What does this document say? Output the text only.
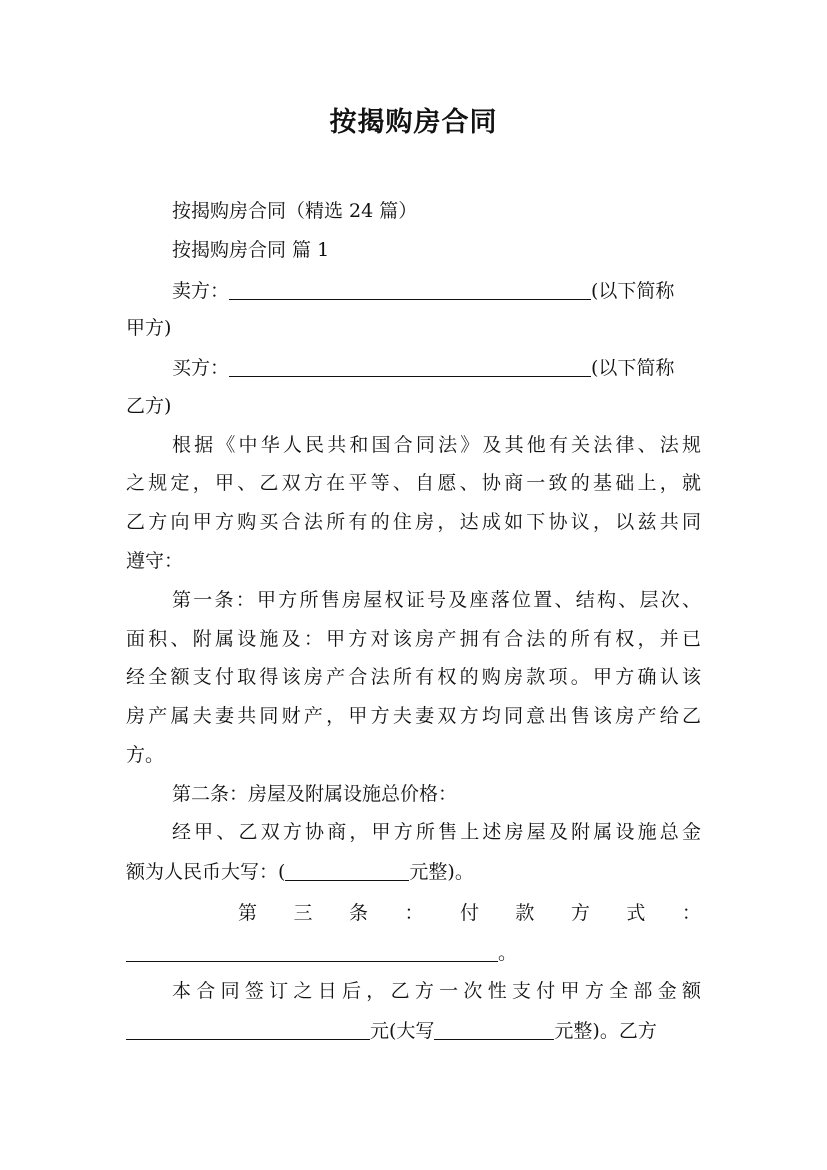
按揭购房合同
按揭购房合同（精选 24 篇）
按揭购房合同 篇 1
卖方：	(以下简称
甲方)
买方：	(以下简称
乙方)
根据《中华人民共和国合同法》及其他有关法律、法规
之规定，甲、乙双方在平等、自愿、协商一致的基础上，就
乙方向甲方购买合法所有的住房，达成如下协议，以兹共同
遵守：
第一条：甲方所售房屋权证号及座落位置、结构、层次、
面积、附属设施及：甲方对该房产拥有合法的所有权，并已
经全额支付取得该房产合法所有权的购房款项。甲方确认该
房产属夫妻共同财产，甲方夫妻双方均同意出售该房产给乙
方。
第二条：房屋及附属设施总价格：
经甲、乙双方协商，甲方所售上述房屋及附属设施总金
额为人民币大写：(	元整)。
第 三 条 ： 付 款 方 式 ：
。
本合同签订之日后，乙方一次性支付甲方全部金额
元(大写	元整)。乙方
